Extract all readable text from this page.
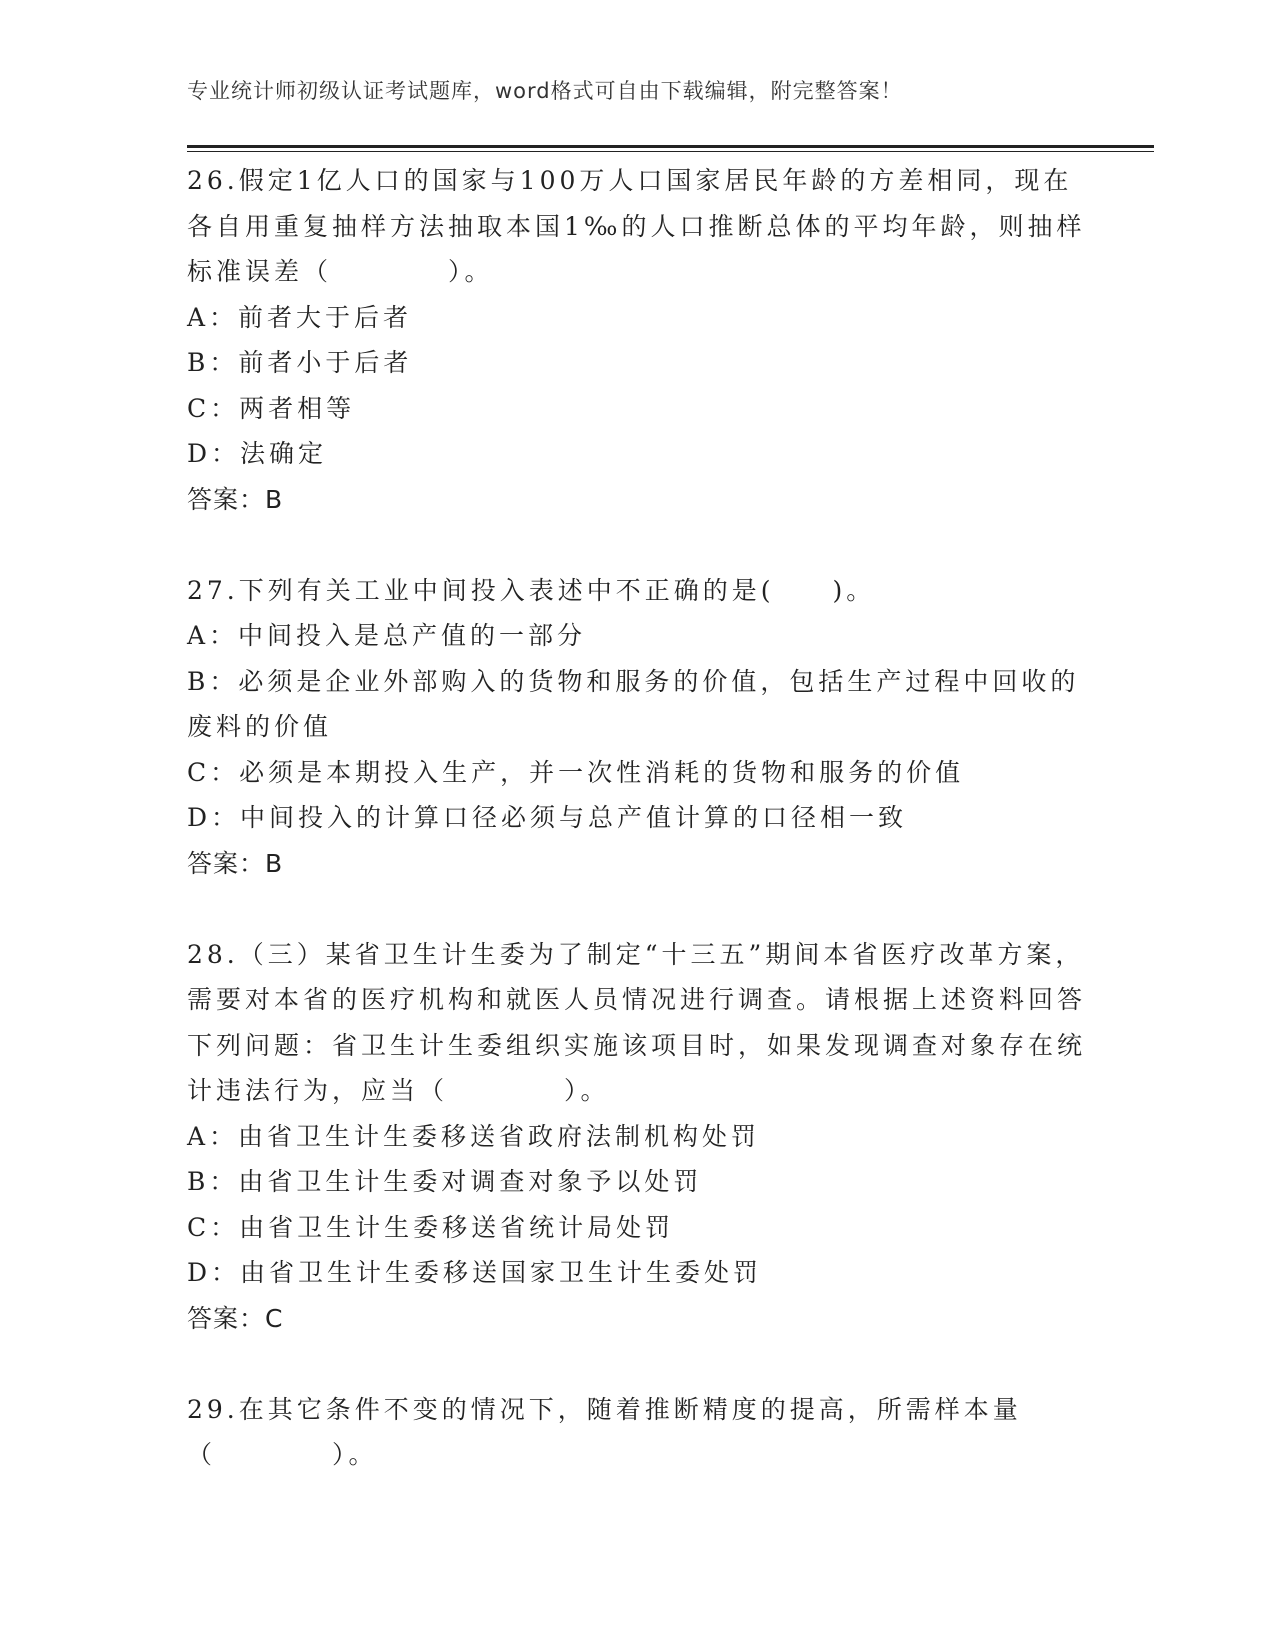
专业统计师初级认证考试题库，word格式可自由下载编辑，附完整答案！

26.假定1亿人口的国家与100万人口国家居民年龄的方差相同，现在各自用重复抽样方法抽取本国1‰的人口推断总体的平均年龄，则抽样标准误差（　　　　）。

A：前者大于后者

B：前者小于后者

C：两者相等

D：法确定

答案：B

27.下列有关工业中间投入表述中不正确的是(　　)。

A：中间投入是总产值的一部分

B：必须是企业外部购入的货物和服务的价值，包括生产过程中回收的废料的价值

C：必须是本期投入生产，并一次性消耗的货物和服务的价值

D：中间投入的计算口径必须与总产值计算的口径相一致

答案：B

28.（三）某省卫生计生委为了制定“十三五”期间本省医疗改革方案，需要对本省的医疗机构和就医人员情况进行调查。请根据上述资料回答下列问题：省卫生计生委组织实施该项目时，如果发现调查对象存在统计违法行为，应当（　　　　）。

A：由省卫生计生委移送省政府法制机构处罚

B：由省卫生计生委对调查对象予以处罚

C：由省卫生计生委移送省统计局处罚

D：由省卫生计生委移送国家卫生计生委处罚

答案：C

29.在其它条件不变的情况下，随着推断精度的提高，所需样本量（　　　　）。
